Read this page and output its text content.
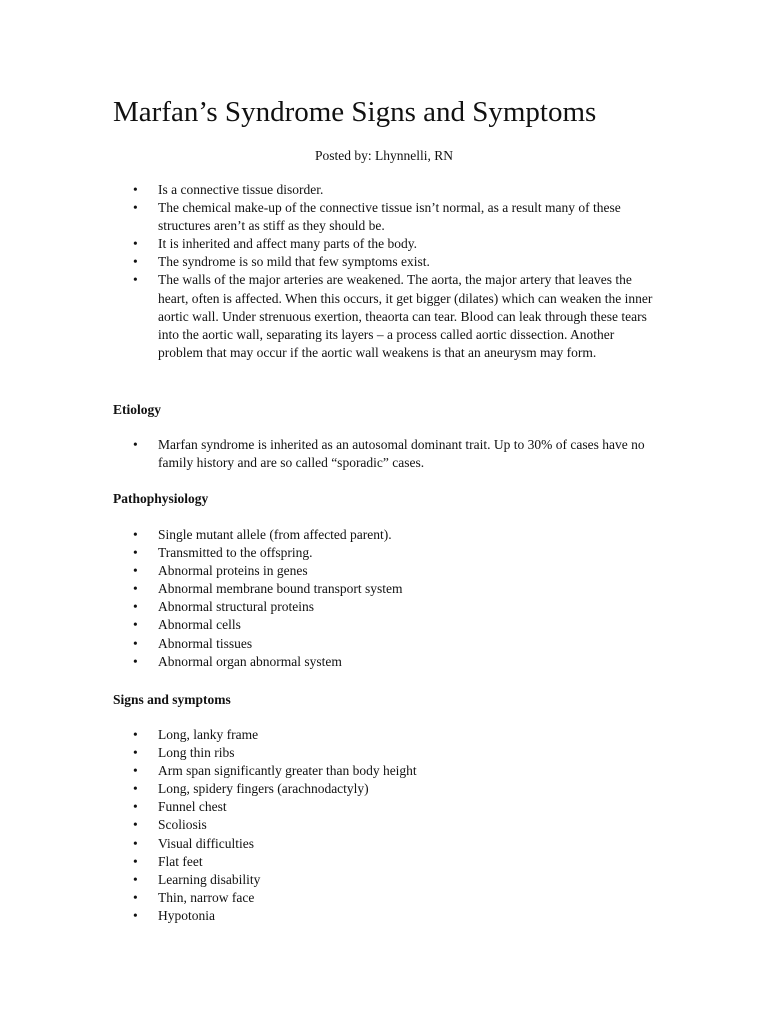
Marfan’s Syndrome Signs and Symptoms

Posted by: Lhynnelli, RN

• Is a connective tissue disorder.
• The chemical make-up of the connective tissue isn’t normal, as a result many of these structures aren’t as stiff as they should be.
• It is inherited and affect many parts of the body.
• The syndrome is so mild that few symptoms exist.
• The walls of the major arteries are weakened. The aorta, the major artery that leaves the heart, often is affected. When this occurs, it get bigger (dilates) which can weaken the inner aortic wall. Under strenuous exertion, theaorta can tear. Blood can leak through these tears into the aortic wall, separating its layers – a process called aortic dissection. Another problem that may occur if the aortic wall weakens is that an aneurysm may form.
Etiology
• Marfan syndrome is inherited as an autosomal dominant trait. Up to 30% of cases have no family history and are so called “sporadic” cases.
Pathophysiology
• Single mutant allele (from affected parent).
• Transmitted to the offspring.
• Abnormal proteins in genes
• Abnormal membrane bound transport system
• Abnormal structural proteins
• Abnormal cells
• Abnormal tissues
• Abnormal organ abnormal system
Signs and symptoms
• Long, lanky frame
• Long thin ribs
• Arm span significantly greater than body height
• Long, spidery fingers (arachnodactyly)
• Funnel chest
• Scoliosis
• Visual difficulties
• Flat feet
• Learning disability
• Thin, narrow face
• Hypotonia
